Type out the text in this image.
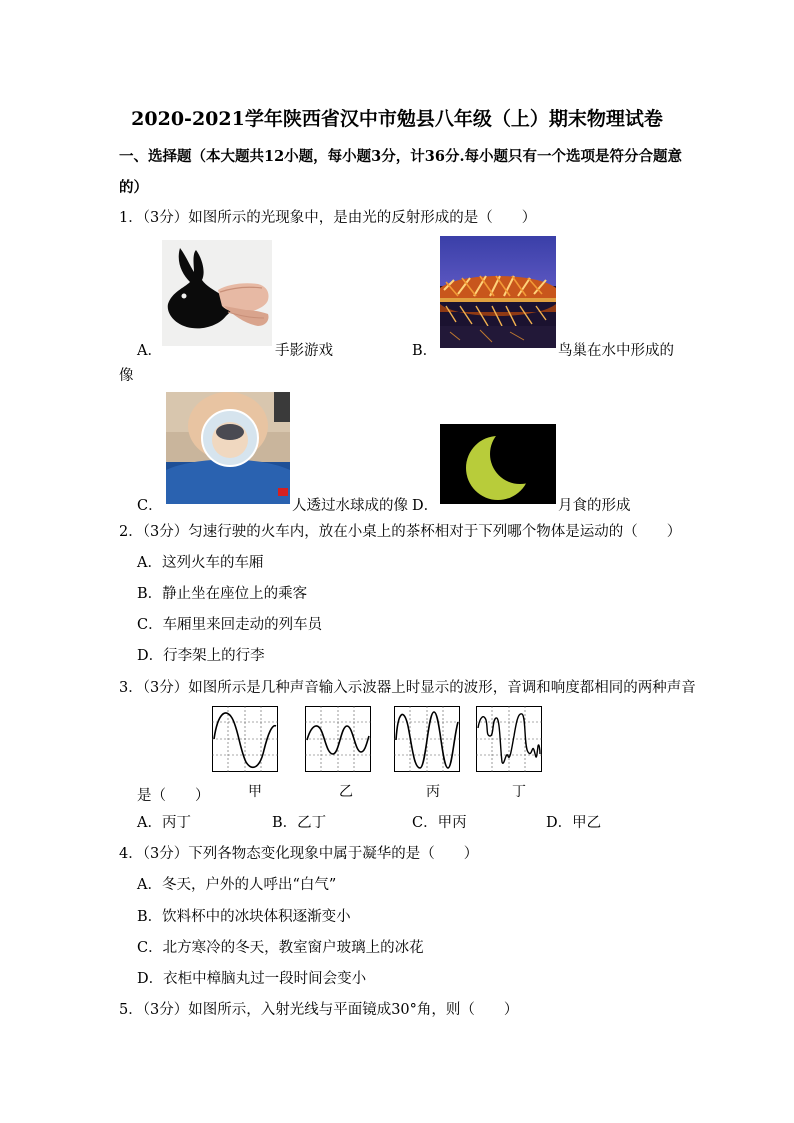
2020-2021学年陕西省汉中市勉县八年级（上）期末物理试卷
一、选择题（本大题共12小题，每小题3分，计36分.每小题只有一个选项是符分合题意
的）
1．（3分）如图所示的光现象中，是由光的反射形成的是（　　）
A．	手影游戏	B．	鸟巢在水中形成的
像
C．	人透过水球成的像 D．	月食的形成
2．（3分）匀速行驶的火车内，放在小桌上的茶杯相对于下列哪个物体是运动的（　　）
A．这列火车的车厢
B．静止坐在座位上的乘客
C．车厢里来回走动的列车员
D．行李架上的行李
3．（3分）如图所示是几种声音输入示波器上时显示的波形，音调和响度都相同的两种声音
是（　　）	甲	乙	丙	丁
A．丙丁	B．乙丁	C．甲丙	D．甲乙
4．（3分）下列各物态变化现象中属于凝华的是（　　）
A．冬天，户外的人呼出“白气”
B．饮料杯中的冰块体积逐渐变小
C．北方寒冷的冬天，教室窗户玻璃上的冰花
D．衣柜中樟脑丸过一段时间会变小
5．（3分）如图所示，入射光线与平面镜成30°角，则（　　）
